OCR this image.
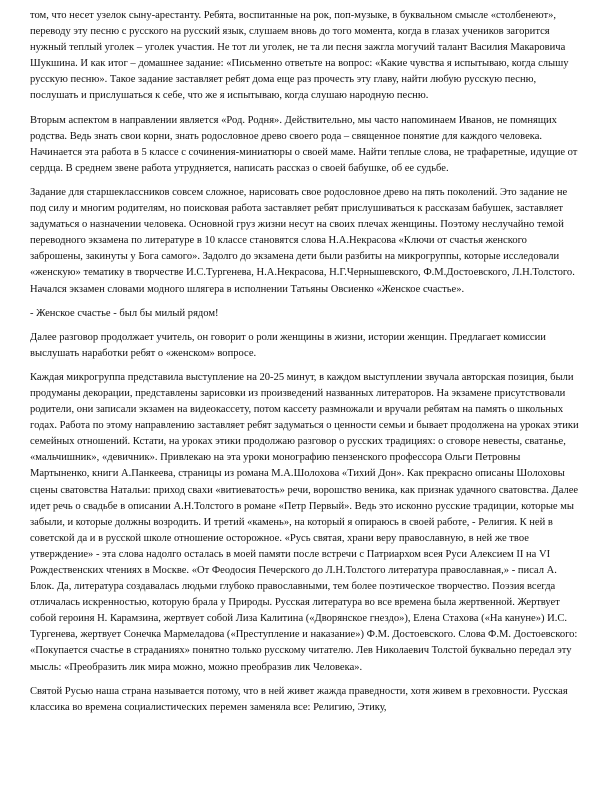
том, что несет узелок сыну-арестанту. Ребята, воспитанные на рок, поп-музыке, в буквальном смысле «столбенеют», переводу эту песню с русского на русский язык, слушаем вновь до того момента, когда в глазах учеников загорится нужный теплый уголек – уголек участия. Не тот ли уголек, не та ли песня зажгла могучий талант Василия Макаровича Шукшина. И как итог – домашнее задание: «Письменно ответьте на вопрос: «Какие чувства я испытываю, когда слышу русскую песню». Такое задание заставляет ребят дома еще раз прочесть эту главу, найти любую русскую песню, послушать и прислушаться к себе, что же я испытываю, когда слушаю народную песню.

Вторым аспектом в направлении является «Род. Родня». Действительно, мы часто напоминаем Иванов, не помнящих родства. Ведь знать свои корни, знать родословное древо своего рода – священное понятие для каждого человека. Начинается эта работа в 5 классе с сочинения-миниатюры о своей маме. Найти теплые слова, не трафаретные, идущие от сердца. В среднем звене работа утрудняется, написать рассказ о своей бабушке, об ее судьбе.

Задание для старшеклассников совсем сложное, нарисовать свое родословное древо на пять поколений. Это задание не под силу и многим родителям, но поисковая работа заставляет ребят прислушиваться к рассказам бабушек, заставляет задуматься о назначении человека. Основной груз жизни несут на своих плечах женщины. Поэтому неслучайно темой переводного экзамена по литературе в 10 классе становятся слова Н.А.Некрасова «Ключи от счастья женского заброшены, закинуты у Бога самого». Задолго до экзамена дети были разбиты на микрогруппы, которые исследовали «женскую» тематику в творчестве И.С.Тургенева, Н.А.Некрасова, Н.Г.Чернышевского, Ф.М.Достоевского, Л.Н.Толстого. Начался экзамен словами модного шлягера в исполнении Татьяны Овсиенко «Женское счастье».

- Женское счастье - был бы милый рядом!

Далее разговор продолжает учитель, он говорит о роли женщины в жизни, истории женщин. Предлагает комиссии выслушать наработки ребят о «женском» вопросе.

Каждая микрогруппа представила выступление на 20-25 минут, в каждом выступлении звучала авторская позиция, были продуманы декорации, представлены зарисовки из произведений названных литераторов. На экзамене присутствовали родители, они записали экзамен на видеокассету, потом кассету размножали и вручали ребятам на память о школьных годах. Работа по этому направлению заставляет ребят задуматься о ценности семьи и бывает продолжена на уроках этики семейных отношений. Кстати, на уроках этики продолжаю разговор о русских традициях: о сговоре невесты, сватанье, «мальчишник», «девичник». Привлекаю на эта уроки монографию пензенского профессора Ольги Петровны Мартыненко, книги А.Панкеева, страницы из романа М.А.Шолохова «Тихий Дон». Как прекрасно описаны Шолоховы сцены сватовства Натальи: приход свахи «витиеватость» речи, ворошство веника, как признак удачного сватовства. Далее идет речь о свадьбе в описании А.Н.Толстого в романе «Петр Первый». Ведь это исконно русские традиции, которые мы забыли, и которые должны возродить. И третий «камень», на который я опираюсь в своей работе, - Религия. К ней в советской да и в русской школе отношение осторожное. «Русь святая, храни веру православную, в ней же твое утверждение» - эта слова надолго осталась в моей памяти после встречи с Патриархом всея Руси Алексием II на VI Рождественских чтениях в Москве. «От Феодосия Печерского до Л.Н.Толстого литература православная,» - писал А. Блок. Да, литература создавалась людьми глубоко православными, тем более поэтическое творчество. Поэзия всегда отличалась искренностью, которую брала у Природы. Русская литература во все времена была жертвенной. Жертвует собой героиня Н. Карамзина, жертвует собой Лиза Калитина («Дворянское гнездо»), Елена Стахова («На кануне») И.С. Тургенева, жертвует Сонечка Мармеладова («Преступление и наказание») Ф.М. Достоевского. Слова Ф.М. Достоевского: «Покупается счастье в страданиях» понятно только русскому читателю. Лев Николаевич Толстой буквально передал эту мысль: «Преобразить лик мира можно, можно преобразив лик Человека».

Святой Русью наша страна называется потому, что в ней живет жажда праведности, хотя живем в греховности. Русская классика во времена социалистических перемен заменяла все: Религию, Этику,
